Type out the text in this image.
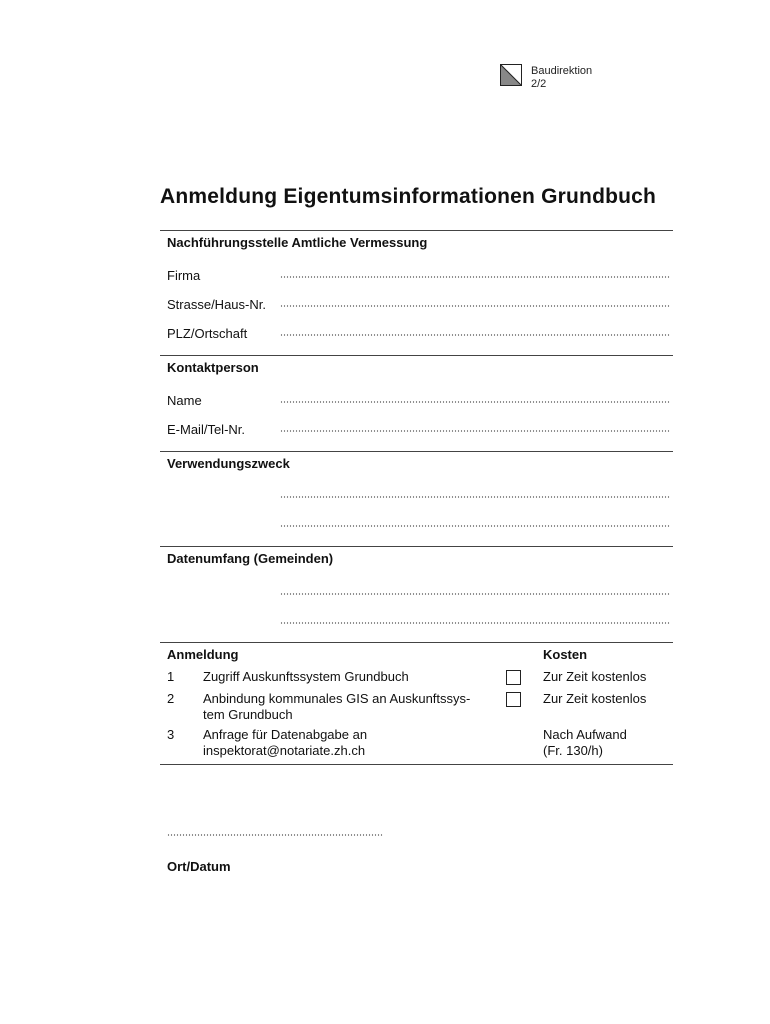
Baudirektion
2/2
Anmeldung Eigentumsinformationen Grundbuch
Nachführungsstelle Amtliche Vermessung
Firma
Strasse/Haus-Nr.
PLZ/Ortschaft
Kontaktperson
Name
E-Mail/Tel-Nr.
Verwendungszweck
Datenumfang (Gemeinden)
Anmeldung	Kosten
1 Zugriff Auskunftssystem Grundbuch	Zur Zeit kostenlos
2 Anbindung kommunales GIS an Auskunftssys-
tem Grundbuch
Zur Zeit kostenlos
3 Anfrage für Datenabgabe an
inspektorat@notariate.zh.ch
Nach Aufwand
(Fr. 130/h)
Ort/Datum
